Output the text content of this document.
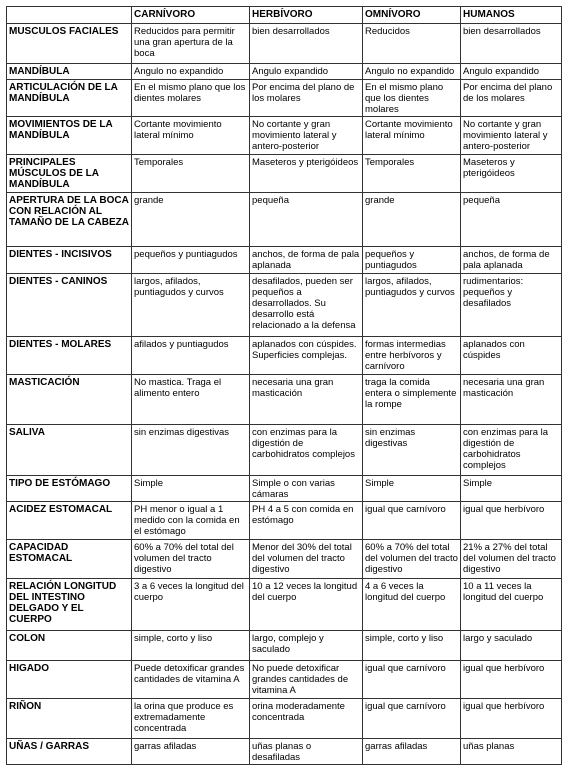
	CARNÍVORO	HERBÍVORO	OMNÍVORO	HUMANOS
MUSCULOS FACIALES	Reducidos para permitir una gran apertura de la boca	bien desarrollados	Reducidos	bien desarrollados
MANDÍBULA	Angulo no expandido	Angulo expandido	Angulo no expandido	Angulo expandido
ARTICULACIÓN DE LA MANDÍBULA	En el mismo plano que los dientes molares	Por encima del plano de los molares	En el mismo plano que los dientes molares	Por encima del plano de los molares
MOVIMIENTOS DE LA MANDÍBULA	Cortante movimiento lateral mínimo	No cortante y gran movimiento lateral y antero-posterior	Cortante movimiento lateral mínimo	No cortante y gran movimiento lateral y antero-posterior
PRINCIPALES MÚSCULOS DE LA MANDÍBULA	Temporales	Maseteros y pterigóideos	Temporales	Maseteros y pterigóideos
APERTURA DE LA BOCA CON RELACIÓN AL TAMAÑO DE LA CABEZA	grande	pequeña	grande	pequeña
DIENTES - INCISIVOS	pequeños y puntiagudos	anchos, de forma de pala aplanada	pequeños y puntiagudos	anchos, de forma de pala aplanada
DIENTES - CANINOS	largos, afilados, puntiagudos y curvos	desafilados, pueden ser pequeños a desarrollados. Su desarrollo está relacionado a la defensa	largos, afilados, puntiagudos y curvos	rudimentarios: pequeños y desafilados
DIENTES - MOLARES	afilados y puntiagudos	aplanados con cúspides. Superficies complejas.	formas intermedias entre herbívoros y carnívoro	aplanados con cúspides
MASTICACIÓN	No mastica. Traga el alimento entero	necesaria una gran masticación	traga la comida entera o simplemente la rompe	necesaria una gran masticación
SALIVA	sin enzimas digestivas	con enzimas para la digestión de carbohidratos complejos	sin enzimas digestivas	con enzimas para la digestión de carbohidratos complejos
TIPO DE ESTÓMAGO	Simple	Simple o con varias cámaras	Simple	Simple
ACIDEZ ESTOMACAL	PH menor o igual a 1 medido con la comida en el estómago	PH 4 a 5 con comida en estómago	igual que carnívoro	igual que herbívoro
CAPACIDAD ESTOMACAL	60% a 70% del total del volumen del tracto digestivo	Menor del 30% del total del volumen del tracto digestivo	60% a 70% del total del volumen del tracto digestivo	21% a 27% del total del volumen del tracto digestivo
RELACIÓN LONGITUD DEL INTESTINO DELGADO Y EL CUERPO	3 a 6 veces la longitud del cuerpo	10 a 12 veces la longitud del cuerpo	4 a 6 veces la longitud del cuerpo	10 a 11 veces la longitud del cuerpo
COLON	simple, corto y liso	largo, complejo y saculado	simple, corto y liso	largo y saculado
HIGADO	Puede detoxificar grandes cantidades de vitamina A	No puede detoxificar grandes cantidades de vitamina A	igual que carnívoro	igual que herbívoro
RIÑON	la orina que produce es extremadamente concentrada	orina moderadamente concentrada	igual que carnívoro	igual que herbívoro
UÑAS / GARRAS	garras afiladas	uñas planas o desafiladas	garras afiladas	uñas planas
